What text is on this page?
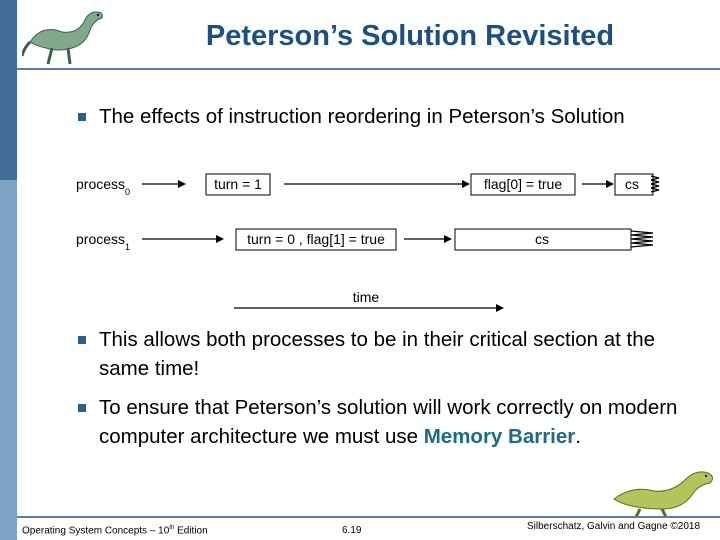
Peterson’s Solution Revisited
The effects of instruction reordering in Peterson’s Solution
process$_0$	turn = 1	flag[0] = true	cs
process$_1$	turn = 0 , flag[1] = true	cs
time
This allows both processes to be in their critical section at the same time!
To ensure that Peterson’s solution will work correctly on modern computer architecture we must use Memory Barrier.
Operating System Concepts – 10th Edition	6.19	Silberschatz, Galvin and Gagne ©2018
